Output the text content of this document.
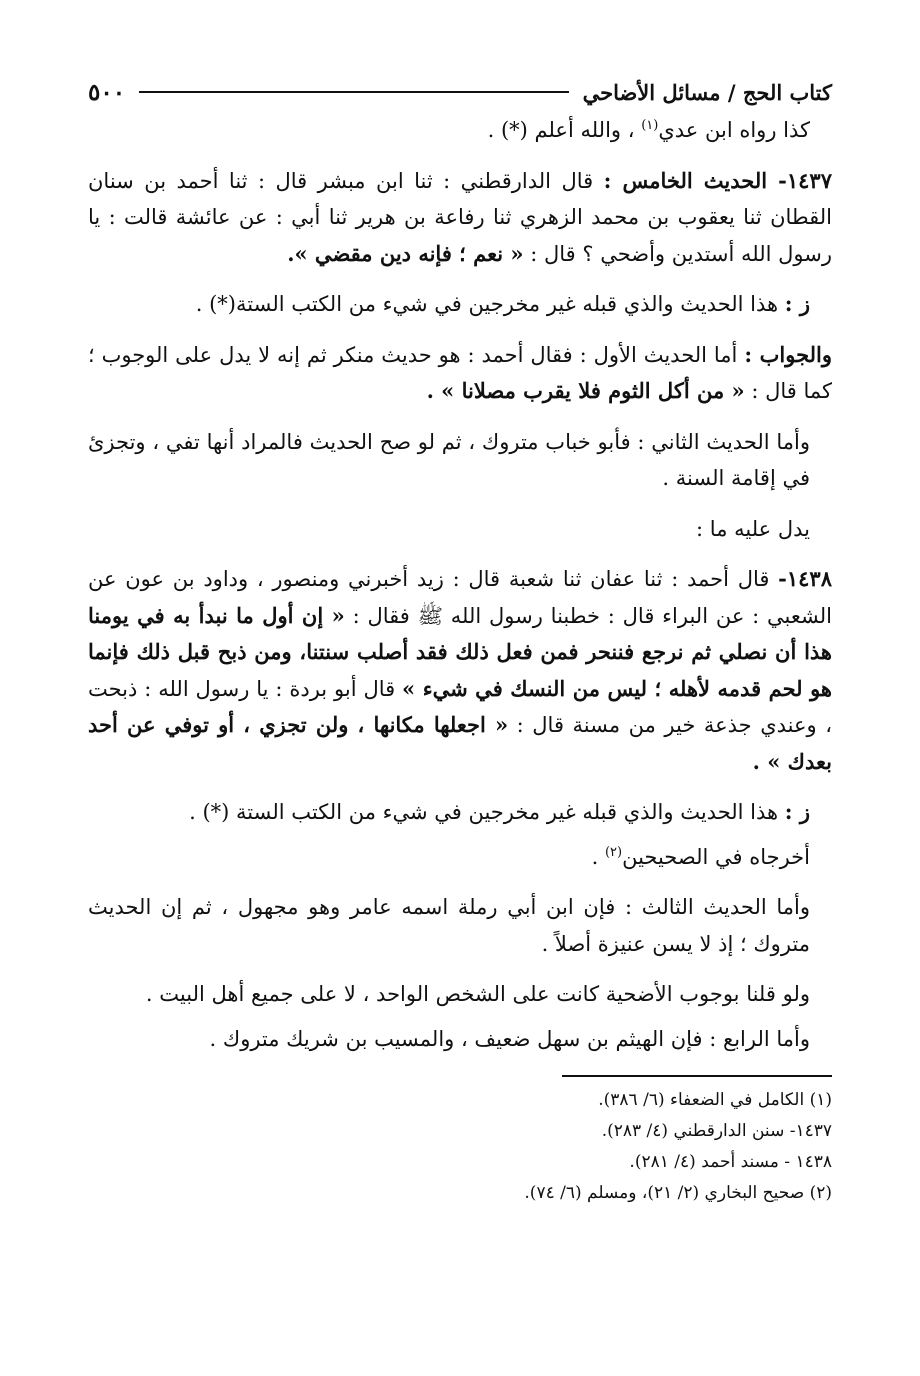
كتاب الحج / مسائل الأضاحي
٥٠٠

كذا رواه ابن عدي$^{(١)}$ ، والله أعلم (*) .

١٤٣٧- الحديث الخامس : قال الدارقطني : ثنا ابن مبشر قال : ثنا أحمد بن سنان القطان ثنا يعقوب بن محمد الزهري ثنا رفاعة بن هرير ثنا أبي : عن عائشة قالت : يا رسول الله أستدين وأضحي ؟ قال : « نعم ؛ فإنه دين مقضي ».

ز : هذا الحديث والذي قبله غير مخرجين في شيء من الكتب الستة(*) .

والجواب : أما الحديث الأول : فقال أحمد : هو حديث منكر ثم إنه لا يدل على الوجوب ؛ كما قال : « من أكل الثوم فلا يقرب مصلانا » .

وأما الحديث الثاني : فأبو خباب متروك ، ثم لو صح الحديث فالمراد أنها تفي ، وتجزئ في إقامة السنة .

يدل عليه ما :

١٤٣٨- قال أحمد : ثنا عفان ثنا شعبة قال : زيد أخبرني ومنصور ، وداود بن عون عن الشعبي : عن البراء قال : خطبنا رسول الله ﷺ فقال : « إن أول ما نبدأ به في يومنا هذا أن نصلي ثم نرجع فننحر فمن فعل ذلك فقد أصلب سنتنا، ومن ذبح قبل ذلك فإنما هو لحم قدمه لأهله ؛ ليس من النسك في شيء » قال أبو بردة : يا رسول الله : ذبحت ، وعندي جذعة خير من مسنة قال : « اجعلها مكانها ، ولن تجزي ، أو توفي عن أحد بعدك » .

ز : هذا الحديث والذي قبله غير مخرجين في شيء من الكتب الستة (*) .

أخرجاه في الصحيحين$^{(٢)}$ .

وأما الحديث الثالث : فإن ابن أبي رملة اسمه عامر وهو مجهول ، ثم إن الحديث متروك ؛ إذ لا يسن عنيزة أصلاً .

ولو قلنا بوجوب الأضحية كانت على الشخص الواحد ، لا على جميع أهل البيت .

وأما الرابع : فإن الهيثم بن سهل ضعيف ، والمسيب بن شريك متروك .

(١) الكامل في الضعفاء (٦/ ٣٨٦).

١٤٣٧- سنن الدارقطني (٤/ ٢٨٣).

١٤٣٨ - مسند أحمد (٤/ ٢٨١).

(٢) صحيح البخاري (٢/ ٢١)، ومسلم (٦/ ٧٤).
